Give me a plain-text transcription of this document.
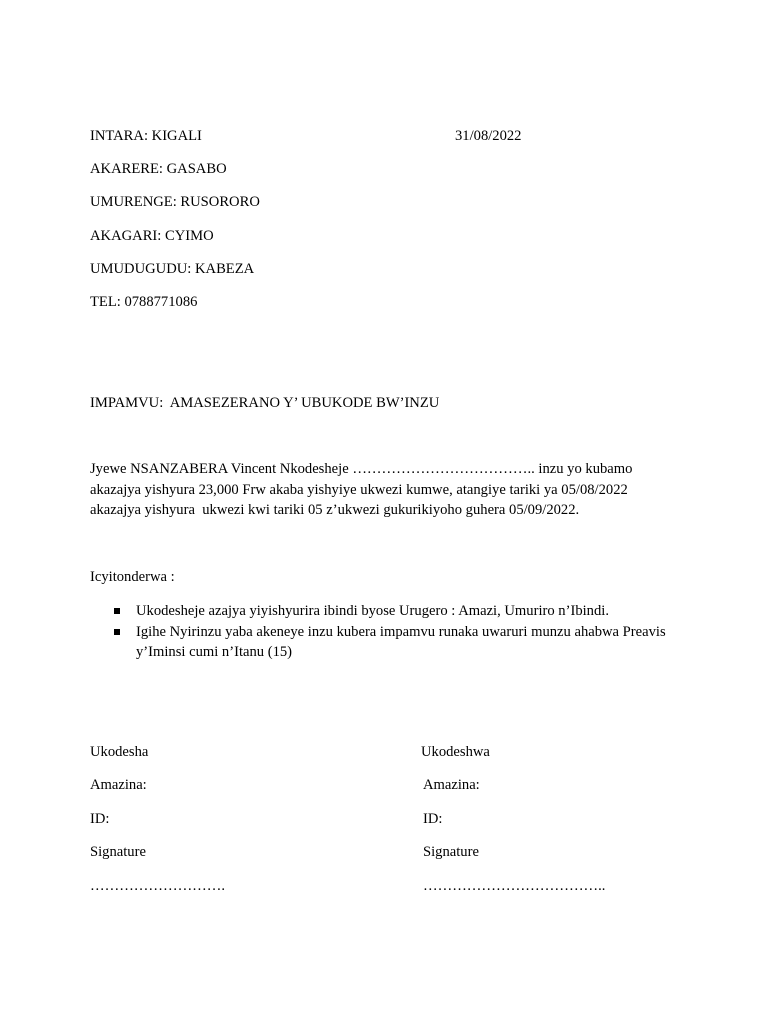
INTARA: KIGALI	31/08/2022
AKARERE: GASABO
UMURENGE: RUSORORO
AKAGARI: CYIMO
UMUDUGUDU: KABEZA
TEL: 0788771086
IMPAMVU:  AMASEZERANO Y’ UBUKODE BW’INZU
Jyewe NSANZABERA Vincent Nkodesheje ……………………………….. inzu yo kubamo akazajya yishyura 23,000 Frw akaba yishyiye ukwezi kumwe, atangiye tariki ya 05/08/2022 akazajya yishyura  ukwezi kwi tariki 05 z’ukwezi gukurikiyoho guhera 05/09/2022.
Icyitonderwa :
Ukodesheje azajya yiyishyurira ibindi byose Urugero : Amazi, Umuriro n’Ibindi.
Igihe Nyirinzu yaba akeneye inzu kubera impamvu runaka uwaruri munzu ahabwa Preavis y’Iminsi cumi n’Itanu (15)
Ukodesha	Ukodeshwa
Amazina:	Amazina:
ID:	ID:
Signature	Signature
……………………….	………………………………..
